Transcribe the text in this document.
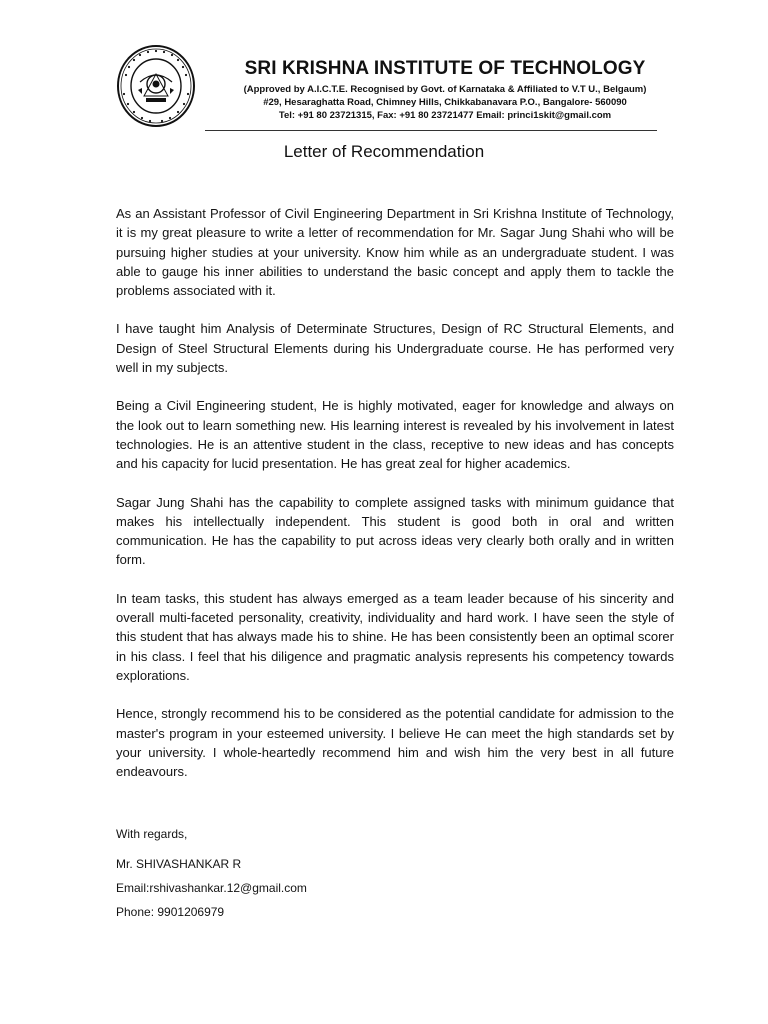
SRI KRISHNA INSTITUTE OF TECHNOLOGY
(Approved by A.I.C.T.E. Recognised by Govt. of Karnataka & Affiliated to V.T U., Belgaum)
#29, Hesaraghatta Road, Chimney Hills, Chikkabanavara P.O., Bangalore- 560090
Tel: +91 80 23721315, Fax: +91 80 23721477 Email: princi1skit@gmail.com
Letter of Recommendation

As an Assistant Professor of Civil Engineering Department in Sri Krishna Institute of Technology, it is my great pleasure to write a letter of recommendation for Mr. Sagar Jung Shahi who will be pursuing higher studies at your university. Know him while as an undergraduate student. I was able to gauge his inner abilities to understand the basic concept and apply them to tackle the problems associated with it.

I have taught him Analysis of Determinate Structures, Design of RC Structural Elements, and Design of Steel Structural Elements during his Undergraduate course. He has performed very well in my subjects.

Being a Civil Engineering student, He is highly motivated, eager for knowledge and always on the look out to learn something new. His learning interest is revealed by his involvement in latest technologies. He is an attentive student in the class, receptive to new ideas and has concepts and his capacity for lucid presentation. He has great zeal for higher academics.

Sagar Jung Shahi has the capability to complete assigned tasks with minimum guidance that makes his intellectually independent. This student is good both in oral and written communication. He has the capability to put across ideas very clearly both orally and in written form.

In team tasks, this student has always emerged as a team leader because of his sincerity and overall multi-faceted personality, creativity, individuality and hard work. I have seen the style of this student that has always made his to shine. He has been consistently been an optimal scorer in his class. I feel that his diligence and pragmatic analysis represents his competency towards explorations.

Hence, strongly recommend his to be considered as the potential candidate for admission to the master's program in your esteemed university. I believe He can meet the high standards set by your university. I whole-heartedly recommend him and wish him the very best in all future endeavours.

With regards,
Mr. SHIVASHANKAR R
Email:rshivashankar.12@gmail.com
Phone: 9901206979
